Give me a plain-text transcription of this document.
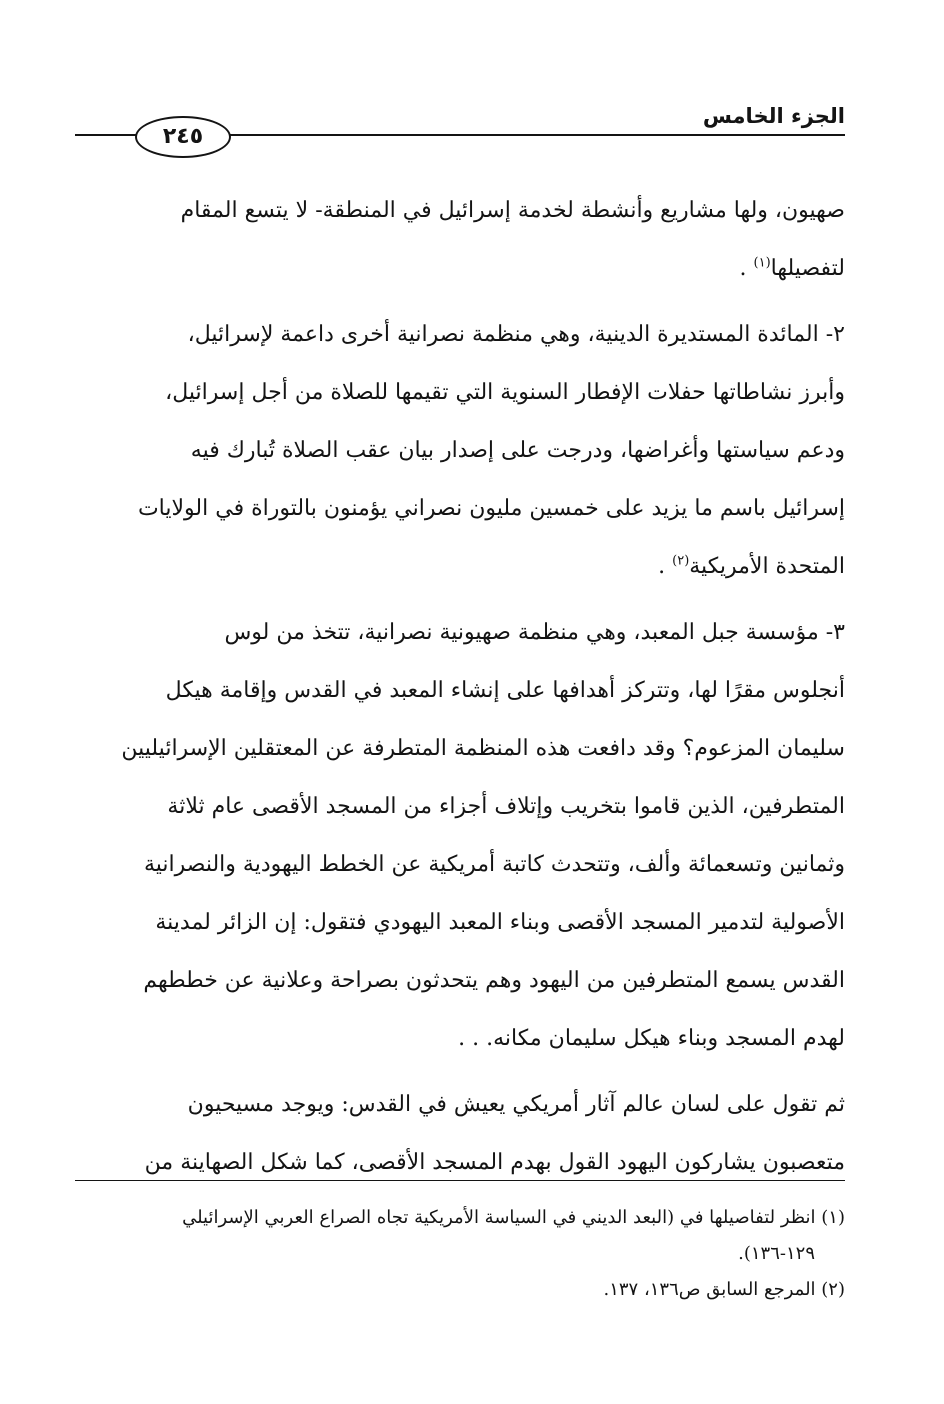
٢٤٥
الجزء الخامس

صهيون، ولها مشاريع وأنشطة لخدمة إسرائيل في المنطقة- لا يتسع المقام

لتفصيلها$^{(١)}$ .

٢- المائدة المستديرة الدينية، وهي منظمة نصرانية أخرى داعمة لإسرائيل،

وأبرز نشاطاتها حفلات الإفطار السنوية التي تقيمها للصلاة من أجل إسرائيل،

ودعم سياستها وأغراضها، ودرجت على إصدار بيان عقب الصلاة تُبارك فيه

إسرائيل باسم ما يزيد على خمسين مليون نصراني يؤمنون بالتوراة في الولايات

المتحدة الأمريكية$^{(٢)}$ .

٣- مؤسسة جبل المعبد، وهي منظمة صهيونية نصرانية، تتخذ من لوس

أنجلوس مقرًا لها، وتتركز أهدافها على إنشاء المعبد في القدس وإقامة هيكل

سليمان المزعوم؟ وقد دافعت هذه المنظمة المتطرفة عن المعتقلين الإسرائيليين

المتطرفين، الذين قاموا بتخريب وإتلاف أجزاء من المسجد الأقصى عام ثلاثة

وثمانين وتسعمائة وألف، وتتحدث كاتبة أمريكية عن الخطط اليهودية والنصرانية

الأصولية لتدمير المسجد الأقصى وبناء المعبد اليهودي فتقول: إن الزائر لمدينة

القدس يسمع المتطرفين من اليهود وهم يتحدثون بصراحة وعلانية عن خططهم

لهدم المسجد وبناء هيكل سليمان مكانه. . .

ثم تقول على لسان عالم آثار أمريكي يعيش في القدس: ويوجد مسيحيون

متعصبون يشاركون اليهود القول بهدم المسجد الأقصى، كما شكل الصهاينة من

(١) انظر لتفاصيلها في (البعد الديني في السياسة الأمريكية تجاه الصراع العربي الإسرائيلي

١٢٩-١٣٦).

(٢) المرجع السابق ص١٣٦، ١٣٧.
